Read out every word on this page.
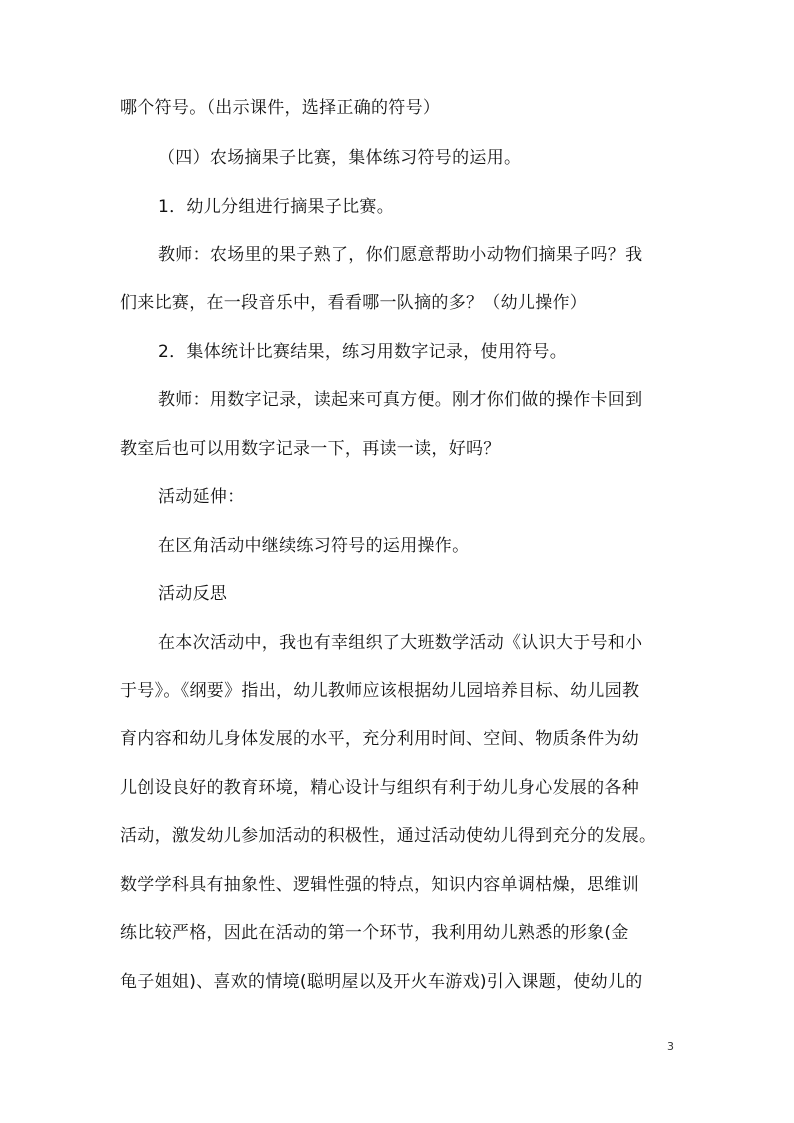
哪个符号。（出示课件，选择正确的符号）
（四）农场摘果子比赛，集体练习符号的运用。
1．幼儿分组进行摘果子比赛。
教师：农场里的果子熟了，你们愿意帮助小动物们摘果子吗？我
们来比赛，在一段音乐中，看看哪一队摘的多？（幼儿操作）
2．集体统计比赛结果，练习用数字记录，使用符号。
教师：用数字记录，读起来可真方便。刚才你们做的操作卡回到
教室后也可以用数字记录一下，再读一读，好吗？
活动延伸：
在区角活动中继续练习符号的运用操作。
活动反思
在本次活动中，我也有幸组织了大班数学活动《认识大于号和小
于号》。《纲要》指出，幼儿教师应该根据幼儿园培养目标、幼儿园教
育内容和幼儿身体发展的水平，充分利用时间、空间、物质条件为幼
儿创设良好的教育环境，精心设计与组织有利于幼儿身心发展的各种
活动，激发幼儿参加活动的积极性，通过活动使幼儿得到充分的发展。
数学学科具有抽象性、逻辑性强的特点，知识内容单调枯燥，思维训
练比较严格，因此在活动的第一个环节，我利用幼儿熟悉的形象(金
龟子姐姐)、喜欢的情境(聪明屋以及开火车游戏)引入课题，使幼儿的
3
